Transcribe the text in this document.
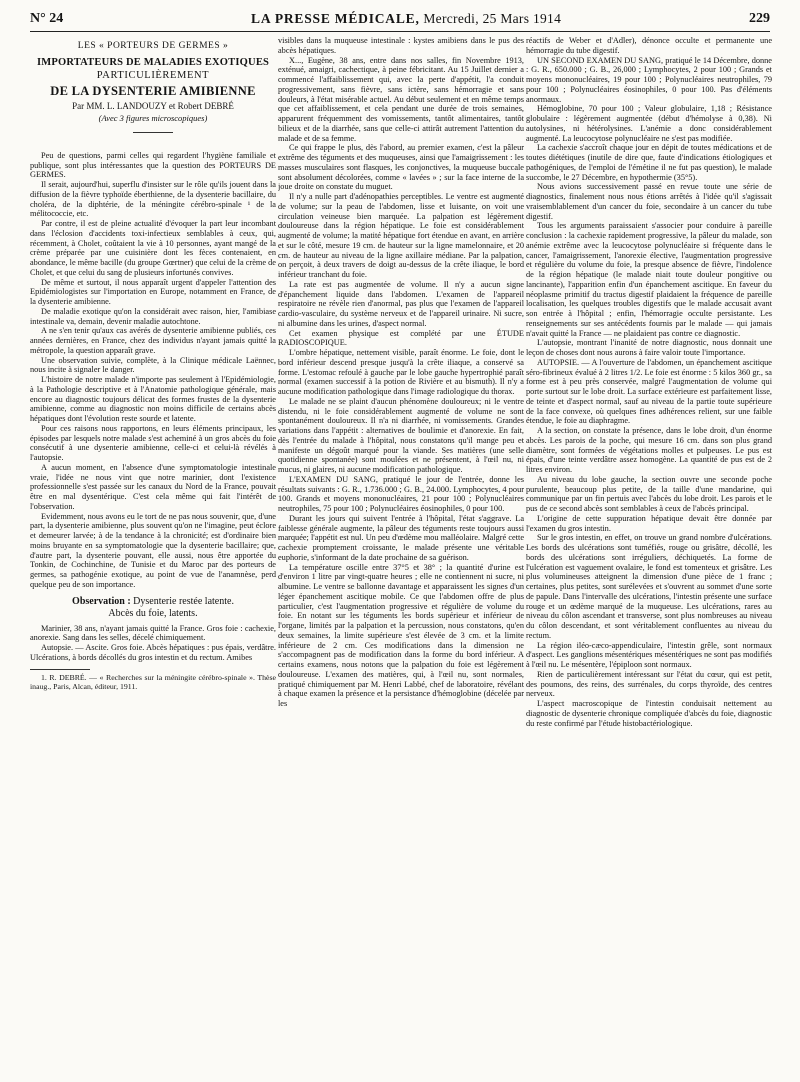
N° 24	LA PRESSE MÉDICALE, Mercredi, 25 Mars 1914	229
LES « PORTEURS DE GERMES »
IMPORTATEURS DE MALADIES EXOTIQUES
PARTICULIÈREMENT
DE LA DYSENTERIE AMIBIENNE
Par MM. L. LANDOUZY et Robert DEBRÉ
(Avec 3 figures microscopiques)

Peu de questions, parmi celles qui regardent l'hygiène familiale et publique, sont plus intéressantes que la question des PORTEURS DE GERMES.

Il serait, aujourd'hui, superflu d'insister sur le rôle qu'ils jouent dans la diffusion de la fièvre typhoïde éberthienne, de la dysenterie bacillaire, du choléra, de la diphtérie, de la méningite cérébro-spinale ¹ de la mélitococcie, etc.

Par contre, il est de pleine actualité d'évoquer la part leur incombant dans l'éclosion d'accidents toxi-infectieux semblables à ceux, qui, récemment, à Cholet, coûtaient la vie à 10 personnes, ayant mangé de la crème préparée par une cuisinière dont les fèces contenaient, en abondance, le même bacille (du groupe Gœrtner) que celui de la crème de Cholet, et que celui du sang de plusieurs infortunés convives.

De même et surtout, il nous apparaît urgent d'appeler l'attention des Epidémiologistes sur l'importation en Europe, notamment en France, de la dysenterie amibienne.

De maladie exotique qu'on la considérait avec raison, hier, l'amibiase intestinale va, demain, devenir maladie autochtone.

A ne s'en tenir qu'aux cas avérés de dysenterie amibienne publiés, ces années dernières, en France, chez des individus n'ayant jamais quitté la métropole, la question apparaît grave.

Une observation suivie, complète, à la Clinique médicale Laënnec, nous incite à signaler le danger.

L'histoire de notre malade n'importe pas seulement à l'Epidémiologie, à la Pathologie descriptive et à l'Anatomie pathologique générale, mais encore au diagnostic toujours délicat des formes frustes de la dysenterie amibienne, comme au diagnostic non moins difficile de certains abcès hépatiques dont l'évolution reste sourde et latente.

Pour ces raisons nous rapportons, en leurs éléments principaux, les épisodes par lesquels notre malade s'est acheminé à un gros abcès du foie consécutif à une dysenterie amibienne, celle-ci et celui-là révélés à l'autopsie.

A aucun moment, en l'absence d'une symptomatologie intestinale vraie, l'idée ne nous vint que notre marinier, dont l'existence professionnelle s'est passée sur les canaux du Nord de la France, pouvait être en mal dysentérique. C'est cela même qui fait l'intérêt de l'observation.

Evidemment, nous avons eu le tort de ne pas nous souvenir, que, d'une part, la dysenterie amibienne, plus souvent qu'on ne l'imagine, peut éclore et demeurer larvée; à de la tendance à la chronicité; est d'ordinaire bien moins bruyante en sa symptomatologie que la dysenterie bacillaire; que, d'autre part, la dysenterie pouvant, elle aussi, nous être apportée du Tonkin, de Cochinchine, de Tunisie et du Maroc par des porteurs de germes, sa pathogénie exotique, au point de vue de l'anamnèse, perd quelque peu de son importance.

Observation : Dysenterie restée latente.
Abcès du foie, latents.

Marinier, 38 ans, n'ayant jamais quitté la France. Gros foie : cachexie, anorexie. Sang dans les selles, décelé chimiquement.

Autopsie. — Ascite. Gros foie. Abcès hépatiques : pus épais, verdâtre. Ulcérations, à bords décollés du gros intestin et du rectum. Amibes

1. R. DEBRÉ. — « Recherches sur la méningite cérébro-spinale ». Thèse inaug., Paris, Alcan, éditeur, 1911.

visibles dans la muqueuse intestinale : kystes amibiens dans le pus des abcès hépatiques.

X..., Eugène, 38 ans, entre dans nos salles, fin Novembre 1913, exténué, amaigri, cachectique, à peine fébricitant. Au 15 Juillet dernier a commencé l'affaiblissement qui, avec la perte d'appétit, l'a conduit progressivement, sans fièvre, sans ictère, sans hémorragie et sans douleurs, à l'état misérable actuel. Au début seulement et en même temps que cet affaiblissement, et cela pendant une durée de trois semaines, apparurent fréquemment des vomissements, tantôt alimentaires, tantôt bilieux et de la diarrhée, sans que celle-ci attirât autrement l'attention du malade et de sa femme.

Ce qui frappe le plus, dès l'abord, au premier examen, c'est la pâleur extrême des téguments et des muqueuses, ainsi que l'amaigrissement : les masses musculaires sont flasques, les conjonctives, la muqueuse buccale sont absolument décolorées, comme « lavées » ; sur la face interne de la joue droite on constate du muguet.

Il n'y a nulle part d'adénopathies perceptibles. Le ventre est augmenté de volume; sur la peau de l'abdomen, lisse et luisante, on voit une circulation veineuse bien marquée. La palpation est légèrement douloureuse dans la région hépatique. Le foie est considérablement augmenté de volume; la matité hépatique fort étendue en avant, en arrière et sur le côté, mesure 19 cm. de hauteur sur la ligne mamelonnaire, et 20 cm. de hauteur au niveau de la ligne axillaire médiane. Par la palpation, on perçoit, à deux travers de doigt au-dessus de la crête iliaque, le bord inférieur tranchant du foie.

La rate est pas augmentée de volume. Il n'y a aucun signe d'épanchement liquide dans l'abdomen. L'examen de l'appareil respiratoire ne révèle rien d'anormal, pas plus que l'examen de l'appareil cardio-vasculaire, du système nerveux et de l'appareil urinaire. Ni sucre, ni albumine dans les urines, d'aspect normal.

Cet examen physique est complété par une ÉTUDE RADIOSCOPIQUE.

L'ombre hépatique, nettement visible, paraît énorme. Le foie, dont le bord inférieur descend presque jusqu'à la crête iliaque, a conservé sa forme. L'estomac refoulé à gauche par le lobe gauche hypertrophié paraît normal (examen successif à la potion de Rivière et au bismuth). Il n'y a aucune modification pathologique dans l'image radiologique du thorax.

Le malade ne se plaint d'aucun phénomène douloureux; ni le ventre distendu, ni le foie considérablement augmenté de volume ne sont spontanément douloureux. Il n'a ni diarrhée, ni vomissements. Grandes variations dans l'appétit : alternatives de boulimie et d'anorexie. En fait, dès l'entrée du malade à l'hôpital, nous constatons qu'il mange peu et manifeste un dégoût marqué pour la viande. Ses matières (une selle quotidienne spontanée) sont moulées et ne présentent, à l'œil nu, ni mucus, ni glaires, ni aucune modification pathologique.

L'EXAMEN DU SANG, pratiqué le jour de l'entrée, donne les résultats suivants : G. R., 1.736.000 ; G. B., 24.000. Lymphocytes, 4 pour 100. Grands et moyens mononucléaires, 21 pour 100 ; Polynucléaires neutrophiles, 75 pour 100 ; Polynucléaires éosinophiles, 0 pour 100.

Durant les jours qui suivent l'entrée à l'hôpital, l'état s'aggrave. La faiblesse générale augmente, la pâleur des téguments reste toujours aussi marquée; l'appétit est nul. Un peu d'œdème mou malléolaire. Malgré cette cachexie promptement croissante, le malade présente une véritable euphorie, s'informant de la date prochaine de sa guérison.

La température oscille entre 37°5 et 38° ; la quantité d'urine est d'environ 1 litre par vingt-quatre heures ; elle ne contiennent ni sucre, ni albumine. Le ventre se ballonne davantage et apparaissent les signes d'un léger épanchement ascitique mobile. Ce que l'abdomen offre de plus particulier, c'est l'augmentation progressive et régulière de volume du foie. En notant sur les téguments les bords supérieur et inférieur de l'organe, limités par la palpation et la percussion, nous constatons, qu'en deux semaines, la limite supérieure s'est élevée de 3 cm. et la limite inférieure de 2 cm. Ces modifications dans la dimension ne s'accompagnent pas de modification dans la forme du bord inférieur. A certains examens, nous notons que la palpation du foie est légèrement douloureuse. L'examen des matières, qui, à l'œil nu, sont normales, pratiqué chimiquement par M. Henri Labbé, chef de laboratoire, révélant à chaque examen la présence et la persistance d'hémoglobine (décelée par les

réactifs de Weber et d'Adler), dénonce occulte et permanente une hémorragie du tube digestif.

UN SECOND EXAMEN DU SANG, pratiqué le 14 Décembre, donne : G. R., 650.000 ; G. B., 26,000 ; Lymphocytes, 2 pour 100 ; Grands et moyens mononucléaires, 19 pour 100 ; Polynucléaires neutrophiles, 79 pour 100 ; Polynucléaires éosinophiles, 0 pour 100. Pas d'éléments anormaux.

Hémoglobine, 70 pour 100 ; Valeur globulaire, 1,18 ; Résistance globulaire : légèrement augmentée (début d'hémolyse à 0,38). Ni autolysines, ni hétérolysines. L'anémie a donc considérablement augmenté. La leucocytose polynucléaire ne s'est pas modifiée.

La cachexie s'accroît chaque jour en dépit de toutes médications et de toutes diététiques (inutile de dire que, faute d'indications étiologiques et pathogéniques, de l'emploi de l'émétine il ne fut pas question), le malade succombe, le 27 Décembre, en hypothermie (35°5).

Nous avions successivement passé en revue toute une série de diagnostics, finalement nous nous étions arrêtés à l'idée qu'il s'agissait vraisemblablement d'un cancer du foie, secondaire à un cancer du tube digestif.

Tous les arguments paraissaient s'associer pour conduire à pareille conclusion : la cachexie rapidement progressive, la pâleur du malade, son anémie extrême avec la leucocytose polynucléaire si fréquente dans le cancer, l'amaigrissement, l'anorexie élective, l'augmentation progressive et régulière du volume du foie, la presque absence de fièvre, l'indolence de la région hépatique (le malade niait toute douleur pongitive ou lancinante), l'apparition enfin d'un épanchement ascitique. En faveur du néoplasme primitif du tractus digestif plaidaient la fréquence de pareille localisation, les quelques troubles digestifs que le malade accusait avant son entrée à l'hôpital ; enfin, l'hémorragie occulte persistante. Les renseignements sur ses antécédents fournis par le malade — qui jamais n'avait quitté la France — ne plaidaient pas contre ce diagnostic.

L'autopsie, montrant l'inanité de notre diagnostic, nous donnait une leçon de choses dont nous aurons à faire valoir toute l'importance.

AUTOPSIE. — A l'ouverture de l'abdomen, un épanchement ascitique séro-fibrineux évalué à 2 litres 1/2. Le foie est énorme : 5 kilos 360 gr., sa forme est à peu près conservée, malgré l'augmentation de volume qui porte surtout sur le lobe droit. La surface extérieure est parfaitement lisse, de teinte et d'aspect normal, sauf au niveau de la partie toute supérieure de la face convexe, où quelques fines adhérences relient, sur une faible étendue, le foie au diaphragme.

A la section, on constate la présence, dans le lobe droit, d'un énorme abcès. Les parois de la poche, qui mesure 16 cm. dans son plus grand diamètre, sont formées de végétations molles et pulpeuses. Le pus est épais, d'une teinte verdâtre assez homogène. La quantité de pus est de 2 litres environ.

Au niveau du lobe gauche, la section ouvre une seconde poche purulente, beaucoup plus petite, de la taille d'une mandarine, qui communique par un fin pertuis avec l'abcès du lobe droit. Les parois et le pus de ce second abcès sont semblables à ceux de l'abcès principal.

L'origine de cette suppuration hépatique devait être donnée par l'examen du gros intestin.

Sur le gros intestin, en effet, on trouve un grand nombre d'ulcérations. Les bords des ulcérations sont tuméfiés, rouge ou grisâtre, décollé, les bords des ulcérations sont irréguliers, déchiquetés. La forme de l'ulcération est vaguement ovalaire, le fond est tomenteux et grisâtre. Les plus volumineuses atteignent la dimension d'une pièce de 1 franc ; certaines, plus petites, sont surélevées et s'ouvrent au sommet d'une sorte de papule. Dans l'intervalle des ulcérations, l'intestin présente une surface rouge et un œdème marqué de la muqueuse. Les ulcérations, rares au niveau du côlon ascendant et transverse, sont plus nombreuses au niveau du côlon descendant, et sont véritablement confluentes au niveau du rectum.

La région iléo-cæco-appendiculaire, l'intestin grêle, sont normaux d'aspect. Les ganglions mésentériques mésentériques ne sont pas modifiés à l'œil nu. Le mésentère, l'épiploon sont normaux.

Rien de particulièrement intéressant sur l'état du cœur, qui est petit, des poumons, des reins, des surrénales, du corps thyroïde, des centres nerveux.

L'aspect macroscopique de l'intestin conduisait nettement au diagnostic de dysenterie chronique compliquée d'abcès du foie, diagnostic du reste confirmé par l'étude histobactériologique.
